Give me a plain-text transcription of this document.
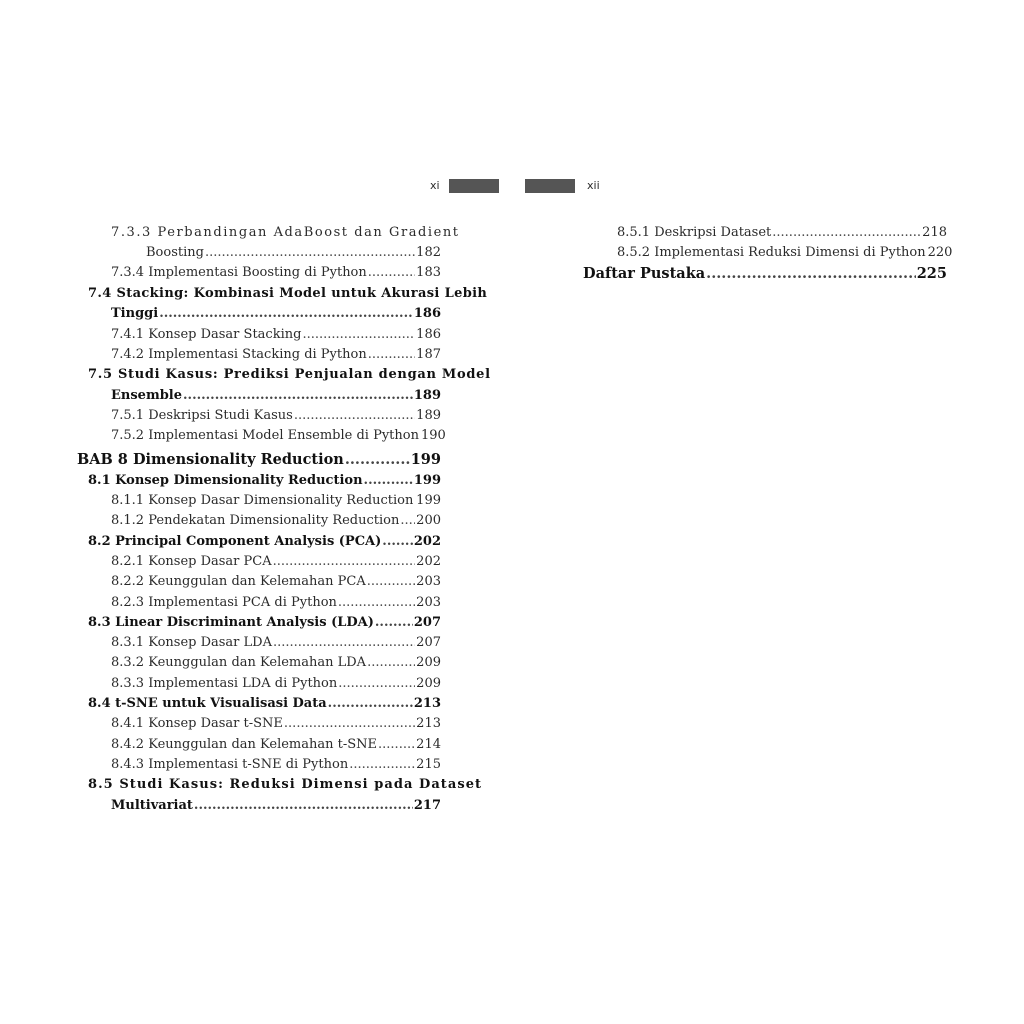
xi	xii
7.3.3 Perbandingan AdaBoost dan Gradient
Boosting .....	182
7.3.4 Implementasi Boosting di Python .....	183
7.4 Stacking: Kombinasi Model untuk Akurasi Lebih
Tinggi .....	186
7.4.1 Konsep Dasar Stacking .....	186
7.4.2 Implementasi Stacking di Python .....	187
7.5 Studi Kasus: Prediksi Penjualan dengan Model
Ensemble .....	189
7.5.1 Deskripsi Studi Kasus .....	189
7.5.2 Implementasi Model Ensemble di Python 190
BAB 8 Dimensionality Reduction .....	199
8.1 Konsep Dimensionality Reduction .....	199
8.1.1 Konsep Dasar Dimensionality Reduction ..... 199
8.1.2 Pendekatan Dimensionality Reduction ..... 200
8.2 Principal Component Analysis (PCA) .....	202
8.2.1 Konsep Dasar PCA .....	202
8.2.2 Keunggulan dan Kelemahan PCA .....	203
8.2.3 Implementasi PCA di Python .....	203
8.3 Linear Discriminant Analysis (LDA) .....	207
8.3.1 Konsep Dasar LDA .....	207
8.3.2 Keunggulan dan Kelemahan LDA .....	209
8.3.3 Implementasi LDA di Python .....	209
8.4 t-SNE untuk Visualisasi Data .....	213
8.4.1 Konsep Dasar t-SNE .....	213
8.4.2 Keunggulan dan Kelemahan t-SNE .....	214
8.4.3 Implementasi t-SNE di Python .....	215
8.5 Studi Kasus: Reduksi Dimensi pada Dataset
Multivariat .....	217
8.5.1 Deskripsi Dataset .....	218
8.5.2 Implementasi Reduksi Dimensi di Python 220
Daftar Pustaka .....	225
